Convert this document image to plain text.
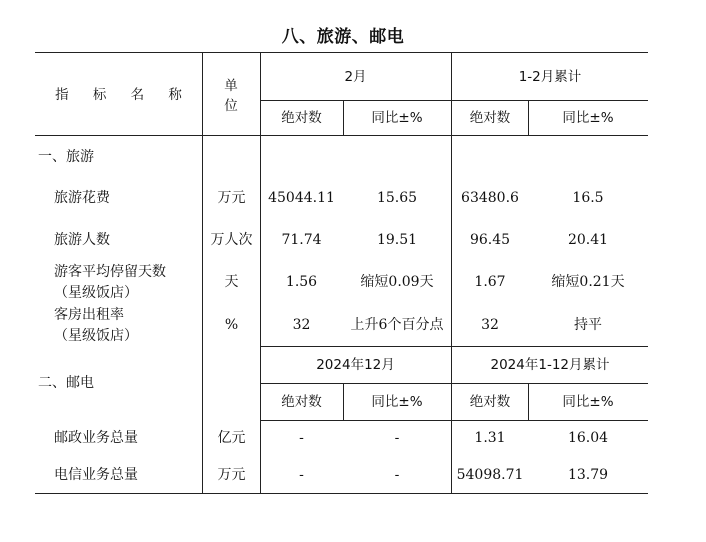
八、旅游、邮电
指 标 名 称
单位
2月	1-2月累计
绝对数	同比±%	绝对数	同比±%
一、旅游
旅游花费	万元	45044.11	15.65	63480.6	16.5
旅游人数	万人次	71.74	19.51	96.45	20.41
游客平均停留天数
（星级饭店）
天	1.56	缩短0.09天	1.67	缩短0.21天
客房出租率
（星级饭店）
%	32	上升6个百分点	32	持平
二、邮电
2024年12月	2024年1-12月累计
绝对数	同比±%	绝对数	同比±%
邮政业务总量	亿元	-	-	1.31	16.04
电信业务总量	万元	-	-	54098.71	13.79
